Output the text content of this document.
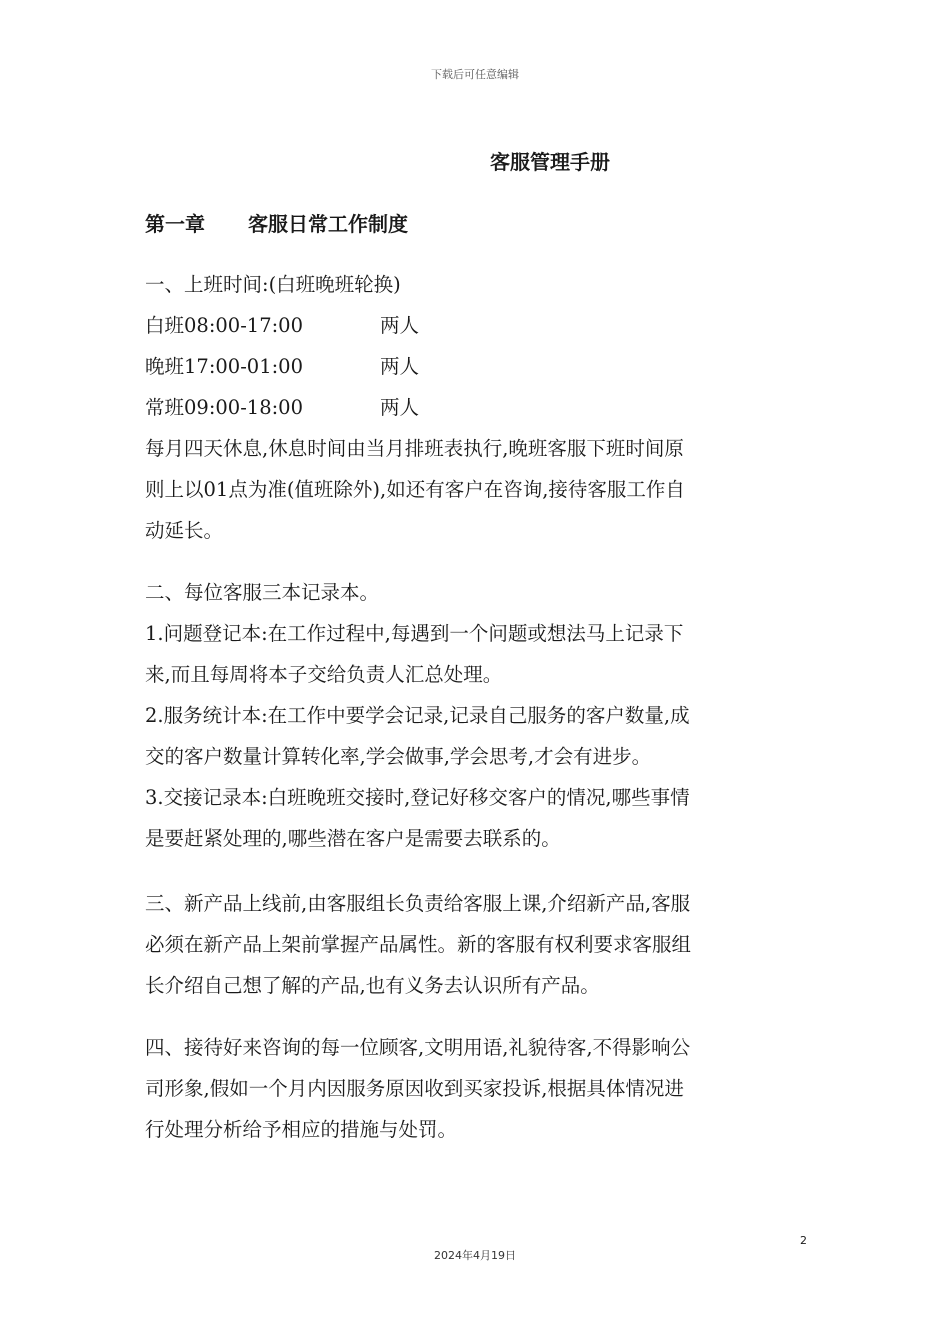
下载后可任意编辑
客服管理手册
第一章 客服日常工作制度
一、上班时间:(白班晚班轮换)
白班08:00-17:00	两人
晚班17:00-01:00	两人
常班09:00-18:00	两人
每月四天休息,休息时间由当月排班表执行,晚班客服下班时间原
则上以01点为准(值班除外),如还有客户在咨询,接待客服工作自
动延长。
二、每位客服三本记录本。
1.问题登记本:在工作过程中,每遇到一个问题或想法马上记录下
来,而且每周将本子交给负责人汇总处理。
2.服务统计本:在工作中要学会记录,记录自己服务的客户数量,成
交的客户数量计算转化率,学会做事,学会思考,才会有进步。
3.交接记录本:白班晚班交接时,登记好移交客户的情况,哪些事情
是要赶紧处理的,哪些潜在客户是需要去联系的。
三、新产品上线前,由客服组长负责给客服上课,介绍新产品,客服
必须在新产品上架前掌握产品属性。新的客服有权利要求客服组
长介绍自己想了解的产品,也有义务去认识所有产品。
四、接待好来咨询的每一位顾客,文明用语,礼貌待客,不得影响公
司形象,假如一个月内因服务原因收到买家投诉,根据具体情况进
行处理分析给予相应的措施与处罚。
2
2024年4月19日
